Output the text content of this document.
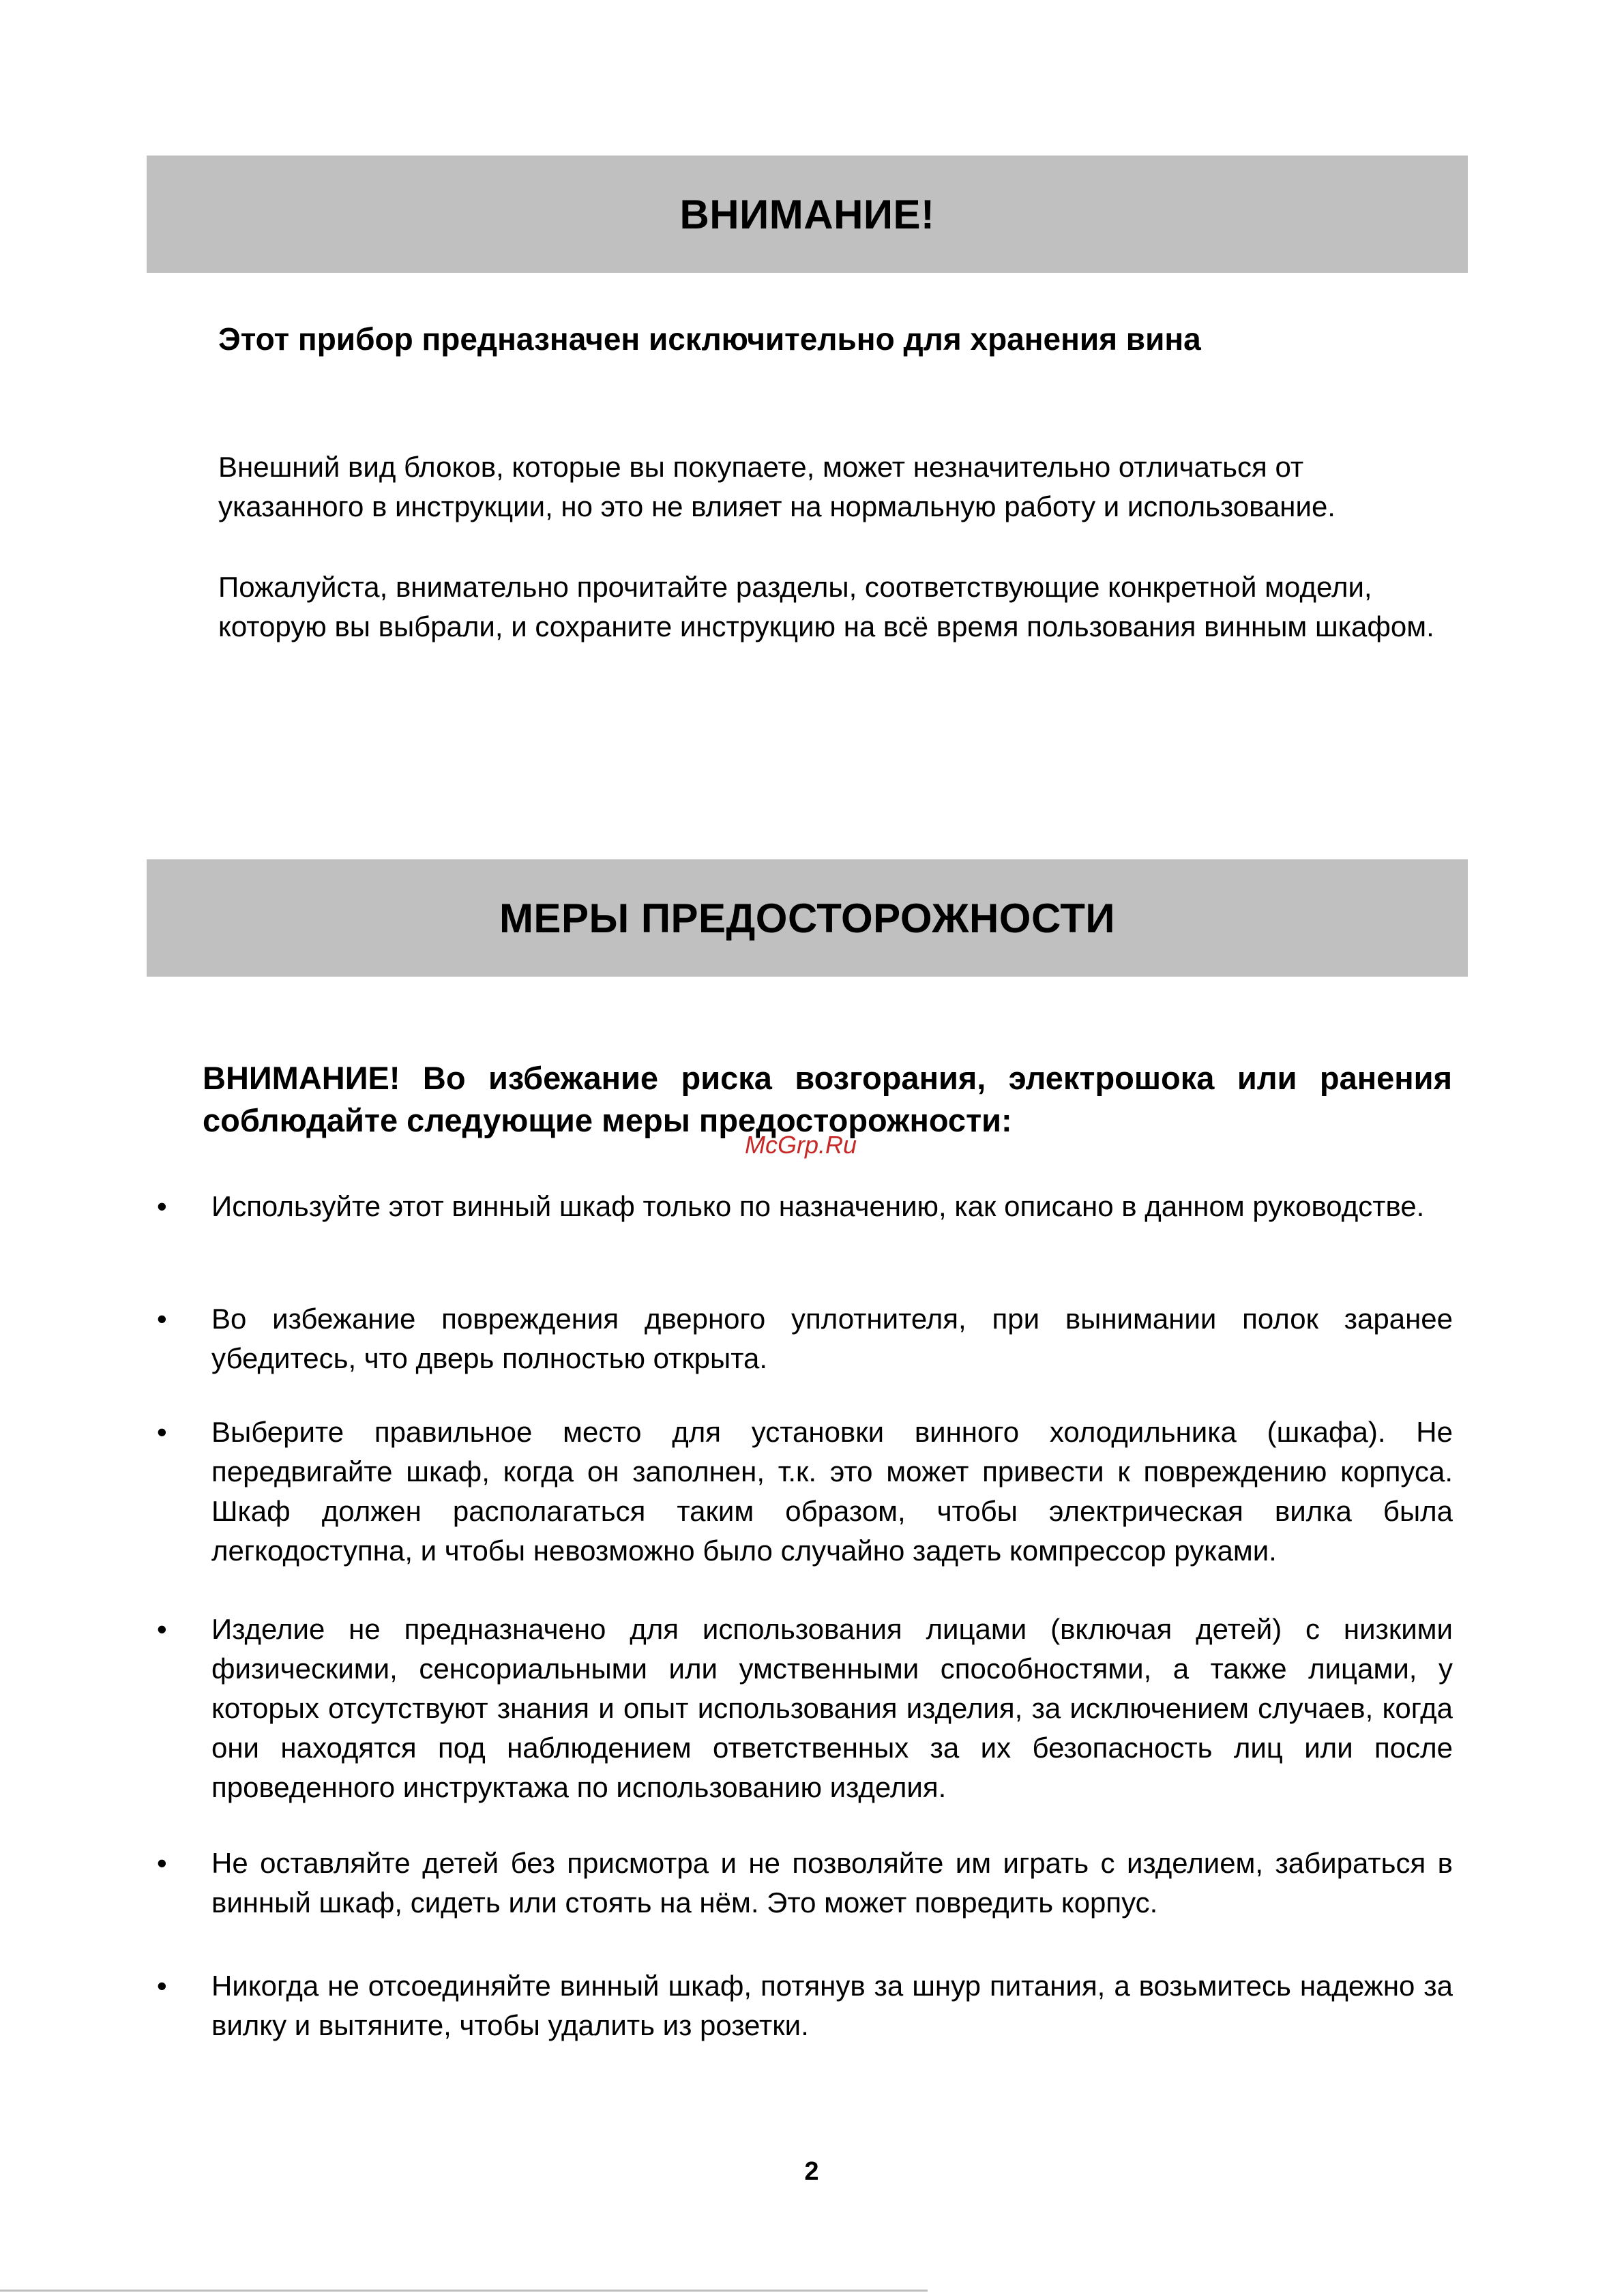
ВНИМАНИЕ!

Этот прибор предназначен исключительно для хранения вина

Внешний вид блоков, которые вы покупаете, может незначительно отличаться от указанного в инструкции, но это не влияет на нормальную работу и использование.

Пожалуйста, внимательно прочитайте разделы, соответствующие конкретной модели, которую вы выбрали, и сохраните инструкцию на всё время пользования винным шкафом.

МЕРЫ ПРЕДОСТОРОЖНОСТИ

ВНИМАНИЕ! Во избежание риска возгорания, электрошока или ранения соблюдайте следующие меры предосторожности:

McGrp.Ru
•	Используйте этот винный шкаф только по назначению, как описано в данном руководстве.

•	Во избежание повреждения дверного уплотнителя, при вынимании полок заранее убедитесь, что дверь полностью открыта.

•	Выберите правильное место для установки винного холодильника (шкафа). Не передвигайте шкаф, когда он заполнен, т.к. это может привести к повреждению корпуса. Шкаф должен располагаться таким образом, чтобы электрическая вилка была легкодоступна, и чтобы невозможно было случайно задеть компрессор руками.

•	Изделие не предназначено для использования лицами (включая детей) с низкими физическими, сенсориальными или умственными способностями, а также лицами, у которых отсутствуют знания и опыт использования изделия, за исключением случаев, когда они находятся под наблюдением ответственных за их безопасность лиц или после проведенного инструктажа по использованию изделия.

•	Не оставляйте детей без присмотра и не позволяйте им играть с изделием, забираться в винный шкаф, сидеть или стоять на нём. Это может повредить корпус.

•	Никогда не отсоединяйте винный шкаф, потянув за шнур питания, а возьмитесь надежно за вилку и вытяните, чтобы удалить из розетки.

2
